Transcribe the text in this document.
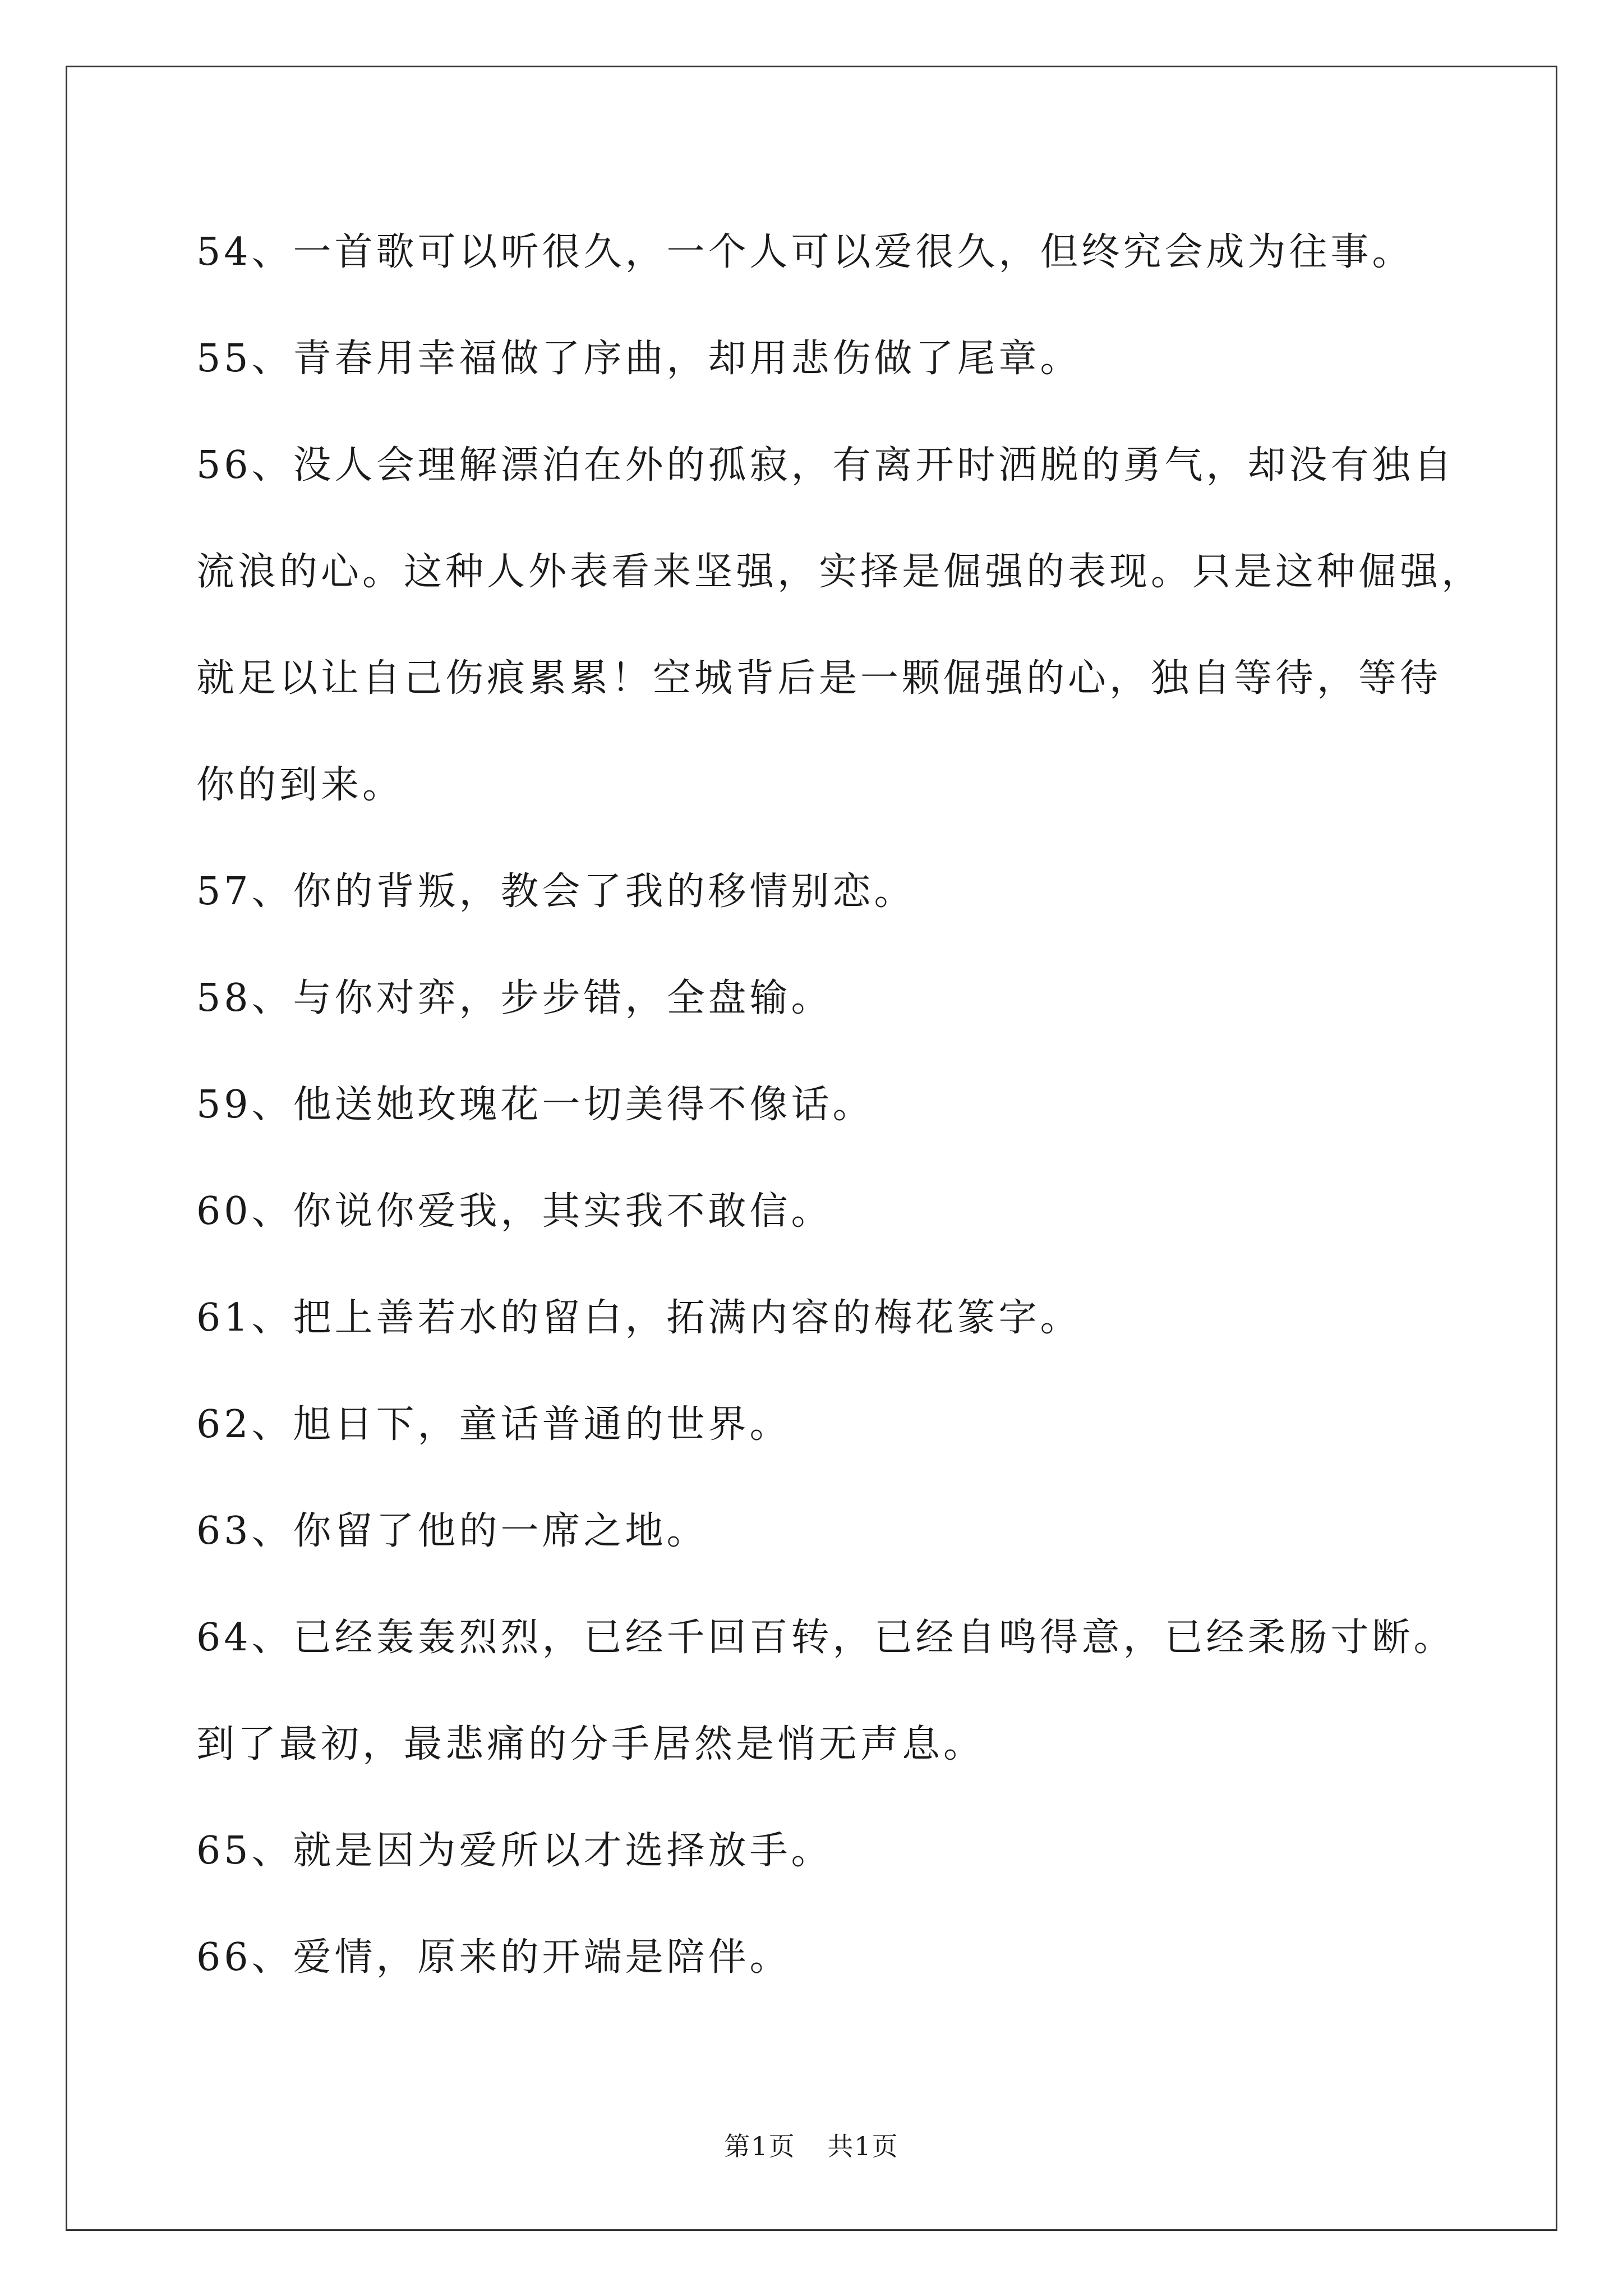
54、一首歌可以听很久，一个人可以爱很久，但终究会成为往事。
55、青春用幸福做了序曲，却用悲伤做了尾章。
56、没人会理解漂泊在外的孤寂，有离开时洒脱的勇气，却没有独自
流浪的心。这种人外表看来坚强，实择是倔强的表现。只是这种倔强，
就足以让自己伤痕累累！空城背后是一颗倔强的心，独自等待，等待
你的到来。
57、你的背叛，教会了我的移情别恋。
58、与你对弈，步步错，全盘输。
59、他送她玫瑰花一切美得不像话。
60、你说你爱我，其实我不敢信。
61、把上善若水的留白，拓满内容的梅花篆字。
62、旭日下，童话普通的世界。
63、你留了他的一席之地。
64、已经轰轰烈烈，已经千回百转，已经自鸣得意，已经柔肠寸断。
到了最初，最悲痛的分手居然是悄无声息。
65、就是因为爱所以才选择放手。
66、爱情，原来的开端是陪伴。
第1页 共1页
